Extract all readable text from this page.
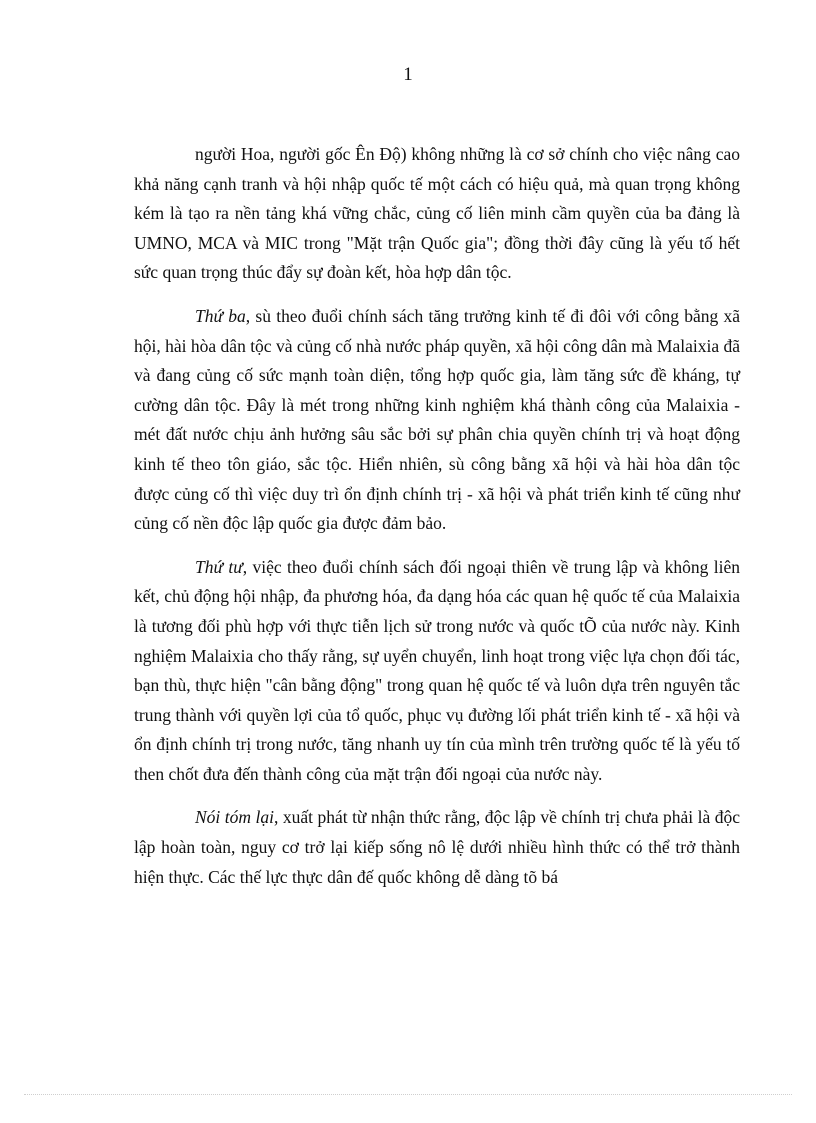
1

người Hoa, người gốc Ên Độ) không những là cơ sở chính cho việc nâng cao khả năng cạnh tranh và hội nhập quốc tế một cách có hiệu quả, mà quan trọng không kém là tạo ra nền tảng khá vững chắc, củng cố liên minh cầm quyền của ba đảng là UMNO, MCA và MIC trong "Mặt trận Quốc gia"; đồng thời đây cũng là yếu tố hết sức quan trọng thúc đẩy sự đoàn kết, hòa hợp dân tộc.

Thứ ba, sù theo đuổi chính sách tăng trưởng kinh tế đi đôi với công bằng xã hội, hài hòa dân tộc và củng cố nhà nước pháp quyền, xã hội công dân mà Malaixia đã và đang củng cố sức mạnh toàn diện, tổng hợp quốc gia, làm tăng sức đề kháng, tự cường dân tộc. Đây là mét trong những kinh nghiệm khá thành công của Malaixia - mét đất nước chịu ảnh hưởng sâu sắc bởi sự phân chia quyền chính trị và hoạt động kinh tế theo tôn giáo, sắc tộc. Hiển nhiên, sù công bằng xã hội và hài hòa dân tộc được củng cố thì việc duy trì ổn định chính trị - xã hội và phát triển kinh tế cũng như củng cố nền độc lập quốc gia được đảm bảo.

Thứ tư, việc theo đuổi chính sách đối ngoại thiên về trung lập và không liên kết, chủ động hội nhập, đa phương hóa, đa dạng hóa các quan hệ quốc tế của Malaixia là tương đối phù hợp với thực tiễn lịch sử trong nước và quốc tÕ của nước này. Kinh nghiệm Malaixia cho thấy rằng, sự uyển chuyển, linh hoạt trong việc lựa chọn đối tác, bạn thù, thực hiện "cân bằng động" trong quan hệ quốc tế và luôn dựa trên nguyên tắc trung thành với quyền lợi của tổ quốc, phục vụ đường lối phát triển kinh tế - xã hội và ổn định chính trị trong nước, tăng nhanh uy tín của mình trên trường quốc tế là yếu tố then chốt đưa đến thành công của mặt trận đối ngoại của nước này.

Nói tóm lại, xuất phát từ nhận thức rằng, độc lập về chính trị chưa phải là độc lập hoàn toàn, nguy cơ trở lại kiếp sống nô lệ dưới nhiều hình thức có thể trở thành hiện thực. Các thế lực thực dân đế quốc không dễ dàng tõ bá
